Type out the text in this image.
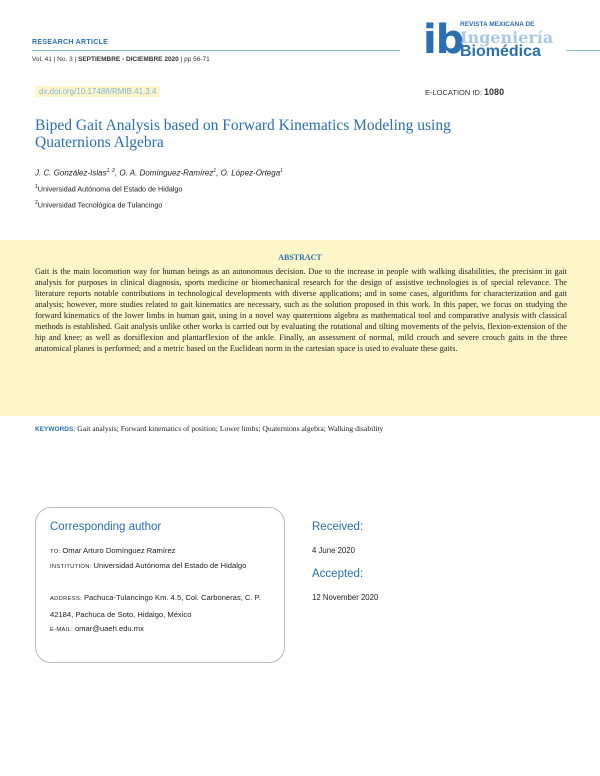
RESEARCH ARTICLE
Vol. 41 | No. 3 | SEPTIEMBRE - DICIEMBRE 2020 | pp 56-71	ib
REVISTA MEXICANA DE
Ingeniería
Biomédica
dx.doi.org/10.17488/RMIB.41.3.4	E-LOCATION ID: 1080
Biped Gait Analysis based on Forward Kinematics Modeling using Quaternions Algebra
J. C. González-Islas$^{1, 2}$, O. A. Domínguez-Ramírez$^1$, O. López-Ortega$^1$
$^1$Universidad Autónoma del Estado de Hidalgo
$^2$Universidad Tecnológica de Tulancingo
ABSTRACT
Gait is the main locomotion way for human beings as an autonomous decision. Due to the increase in people with walking disabilities, the precision in gait analysis for purposes in clinical diagnosis, sports medicine or biomechanical research for the design of assistive technologies is of special relevance. The literature reports notable contributions in technological developments with diverse applications; and in some cases, algorithms for characterization and gait analysis; however, more studies related to gait kinematics are necessary, such as the solution proposed in this work. In this paper, we focus on studying the forward kinematics of the lower limbs in human gait, using in a novel way quaternions algebra as mathematical tool and comparative analysis with classical methods is established. Gait analysis unlike other works is carried out by evaluating the rotational and tilting movements of the pelvis, flexion-extension of the hip and knee; as well as dorsiflexion and plantarflexion of the ankle. Finally, an assessment of normal, mild crouch and severe crouch gaits in the three anatomical planes is performed; and a metric based on the Euclidean norm in the cartesian space is used to evaluate these gaits.
KEYWORDS: Gait analysis; Forward kinematics of position; Lower limbs; Quaternions algebra; Walking disability
Corresponding author
TO: Omar Arturo Domínguez Ramírez
INSTITUTION: Universidad Autónoma del Estado de Hidalgo
ADDRESS: Pachuca-Tulancingo Km. 4.5, Col. Carboneras, C. P. 42184, Pachuca de Soto, Hidalgo, México
E-MAIL: omar@uaeh.edu.mx
Received:
4 June 2020
Accepted:
12 November 2020
